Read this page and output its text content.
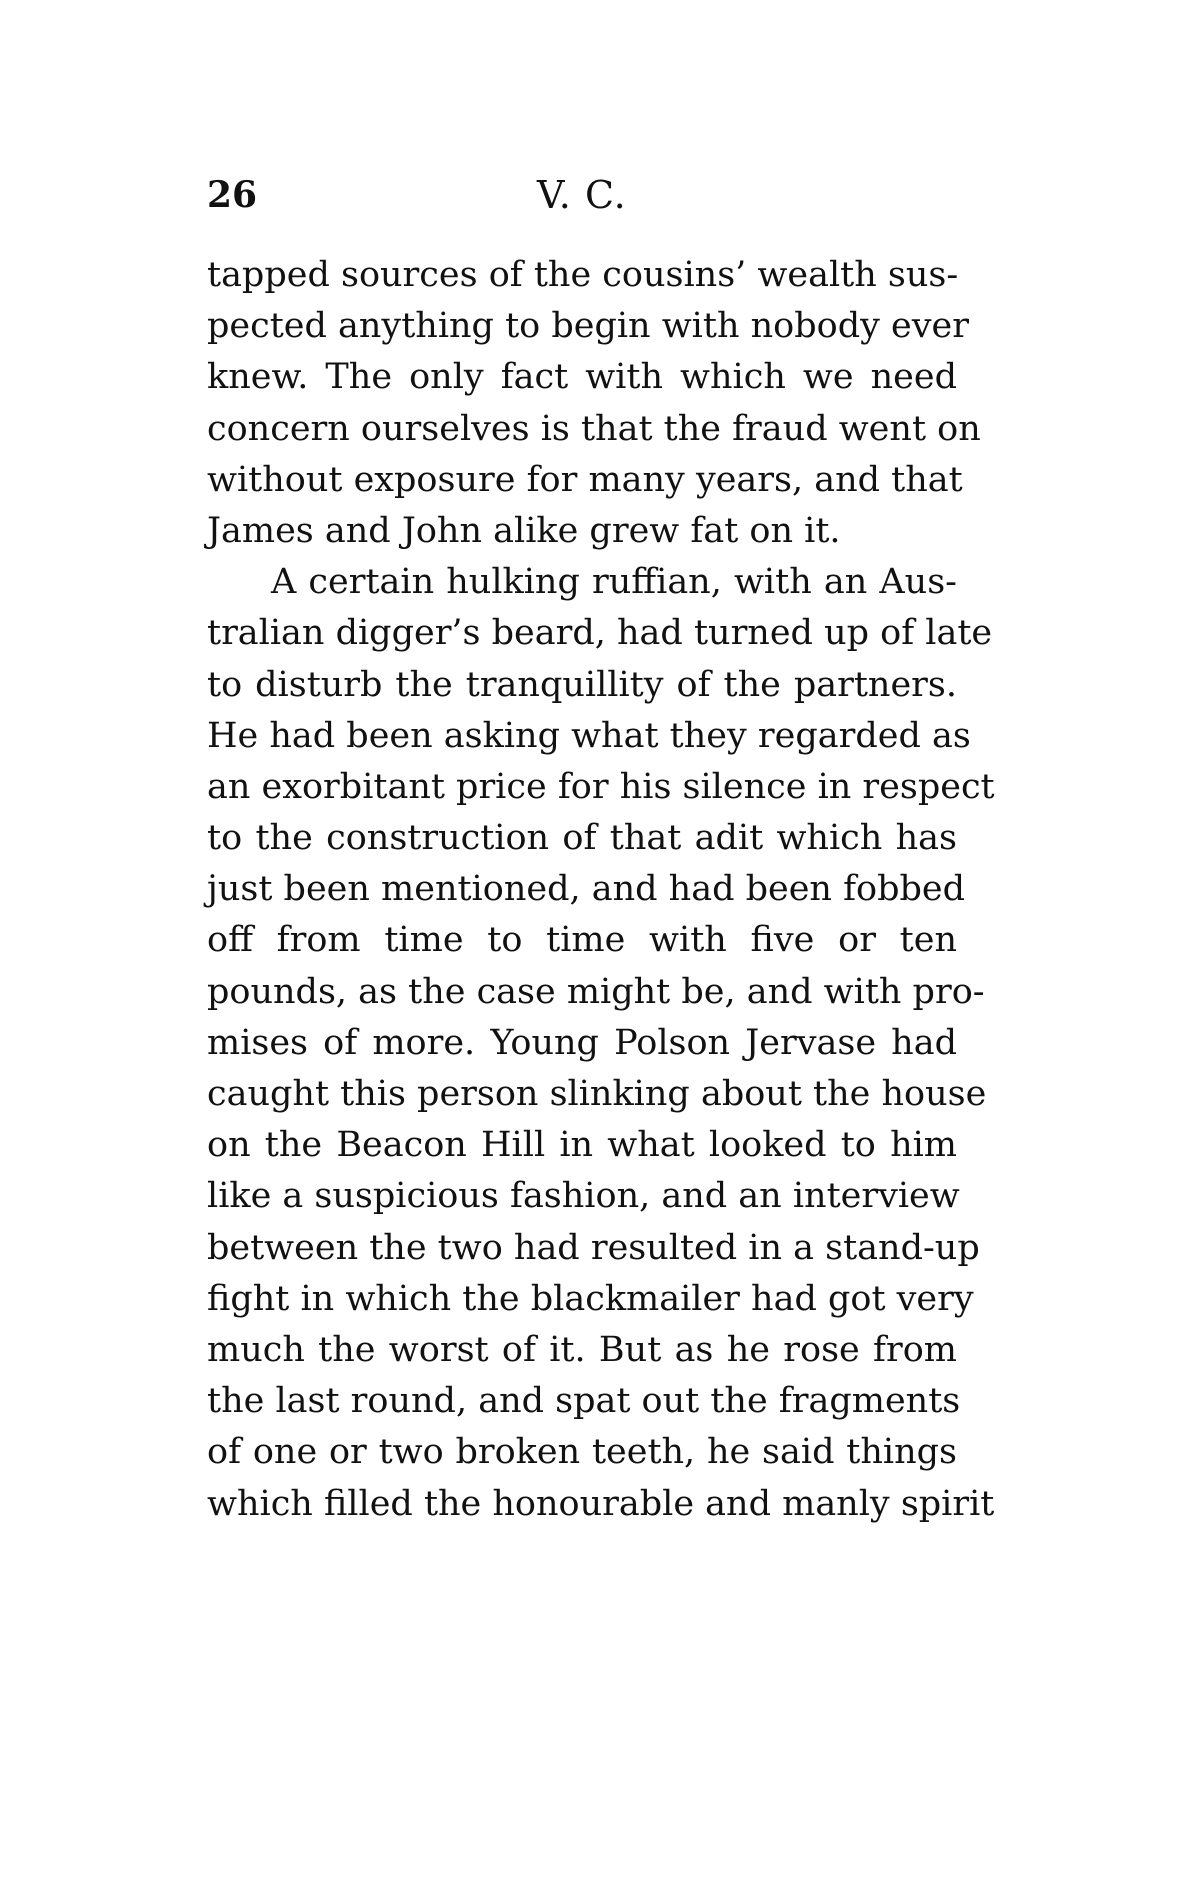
26	V. C.
tapped sources of the cousins’ wealth sus-
pected anything to begin with nobody ever
knew. The only fact with which we need
concern ourselves is that the fraud went on
without exposure for many years, and that
James and John alike grew fat on it.
A certain hulking ruffian, with an Aus-
tralian digger’s beard, had turned up of late
to disturb the tranquillity of the partners.
He had been asking what they regarded as
an exorbitant price for his silence in respect
to the construction of that adit which has
just been mentioned, and had been fobbed
off from time to time with five or ten
pounds, as the case might be, and with pro-
mises of more. Young Polson Jervase had
caught this person slinking about the house
on the Beacon Hill in what looked to him
like a suspicious fashion, and an interview
between the two had resulted in a stand-up
fight in which the blackmailer had got very
much the worst of it. But as he rose from
the last round, and spat out the fragments
of one or two broken teeth, he said things
which filled the honourable and manly spirit
